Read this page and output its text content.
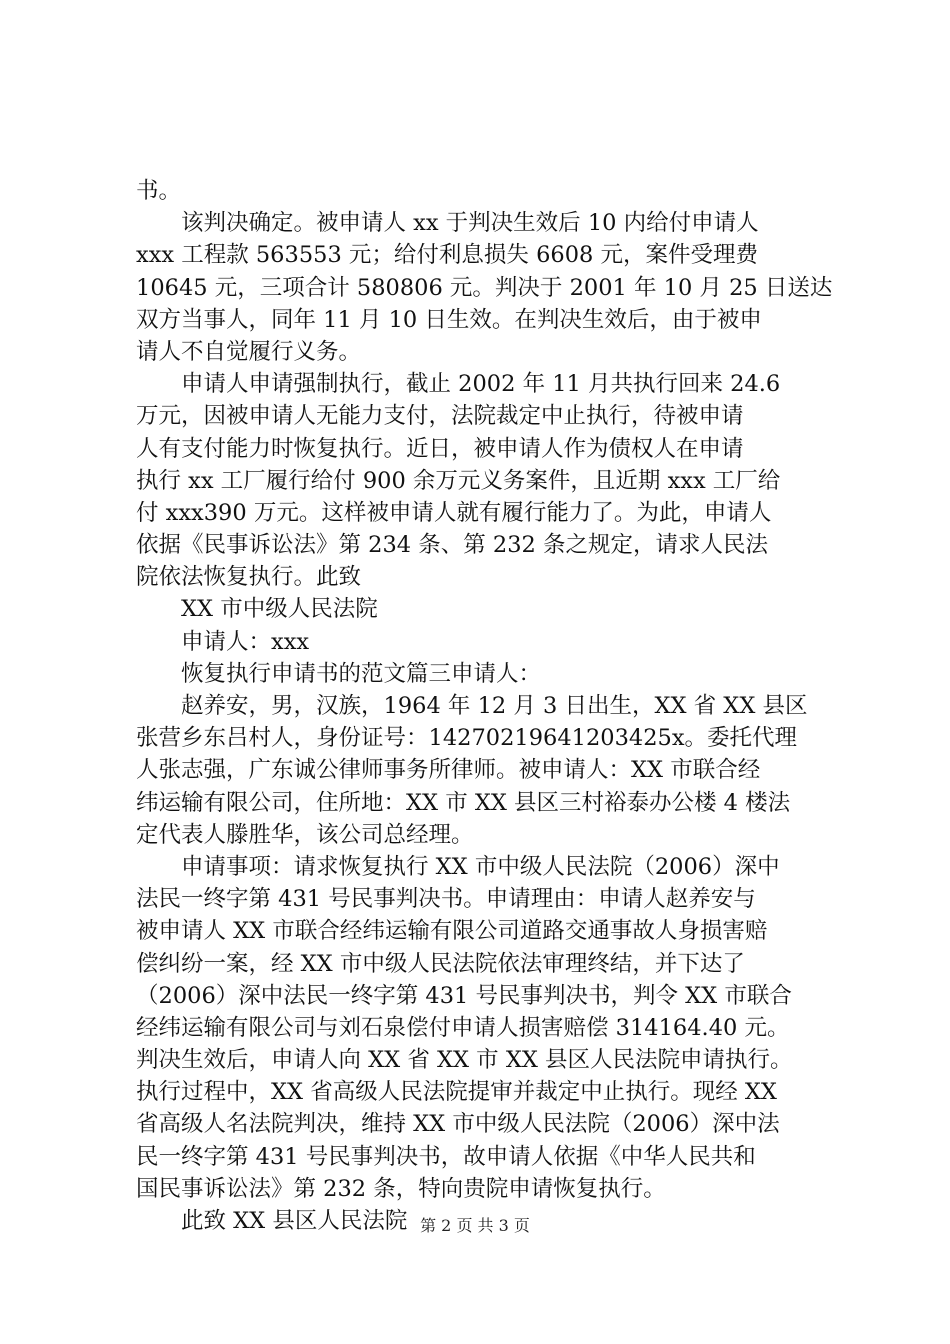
书。
该判决确定。被申请人 xx 于判决生效后 10 内给付申请人
xxx 工程款 563553 元；给付利息损失 6608 元，案件受理费
10645 元，三项合计 580806 元。判决于 2001 年 10 月 25 日送达
双方当事人，同年 11 月 10 日生效。在判决生效后，由于被申
请人不自觉履行义务。
申请人申请强制执行，截止 2002 年 11 月共执行回来 24.6
万元，因被申请人无能力支付，法院裁定中止执行，待被申请
人有支付能力时恢复执行。近日，被申请人作为债权人在申请
执行 xx 工厂履行给付 900 余万元义务案件，且近期 xxx 工厂给
付 xxx390 万元。这样被申请人就有履行能力了。为此，申请人
依据《民事诉讼法》第 234 条、第 232 条之规定，请求人民法
院依法恢复执行。此致
XX 市中级人民法院
申请人：xxx
恢复执行申请书的范文篇三申请人：
赵养安，男，汉族，1964 年 12 月 3 日出生，XX 省 XX 县区
张营乡东吕村人，身份证号：14270219641203425x。委托代理
人张志强，广东诚公律师事务所律师。被申请人：XX 市联合经
纬运输有限公司，住所地：XX 市 XX 县区三村裕泰办公楼 4 楼法
定代表人滕胜华，该公司总经理。
申请事项：请求恢复执行 XX 市中级人民法院（2006）深中
法民一终字第 431 号民事判决书。申请理由：申请人赵养安与
被申请人 XX 市联合经纬运输有限公司道路交通事故人身损害赔
偿纠纷一案，经 XX 市中级人民法院依法审理终结，并下达了
（2006）深中法民一终字第 431 号民事判决书，判令 XX 市联合
经纬运输有限公司与刘石泉偿付申请人损害赔偿 314164.40 元。
判决生效后，申请人向 XX 省 XX 市 XX 县区人民法院申请执行。
执行过程中，XX 省高级人民法院提审并裁定中止执行。现经 XX
省高级人名法院判决，维持 XX 市中级人民法院（2006）深中法
民一终字第 431 号民事判决书，故申请人依据《中华人民共和
国民事诉讼法》第 232 条，特向贵院申请恢复执行。
此致 XX 县区人民法院 第 2 页 共 3 页
